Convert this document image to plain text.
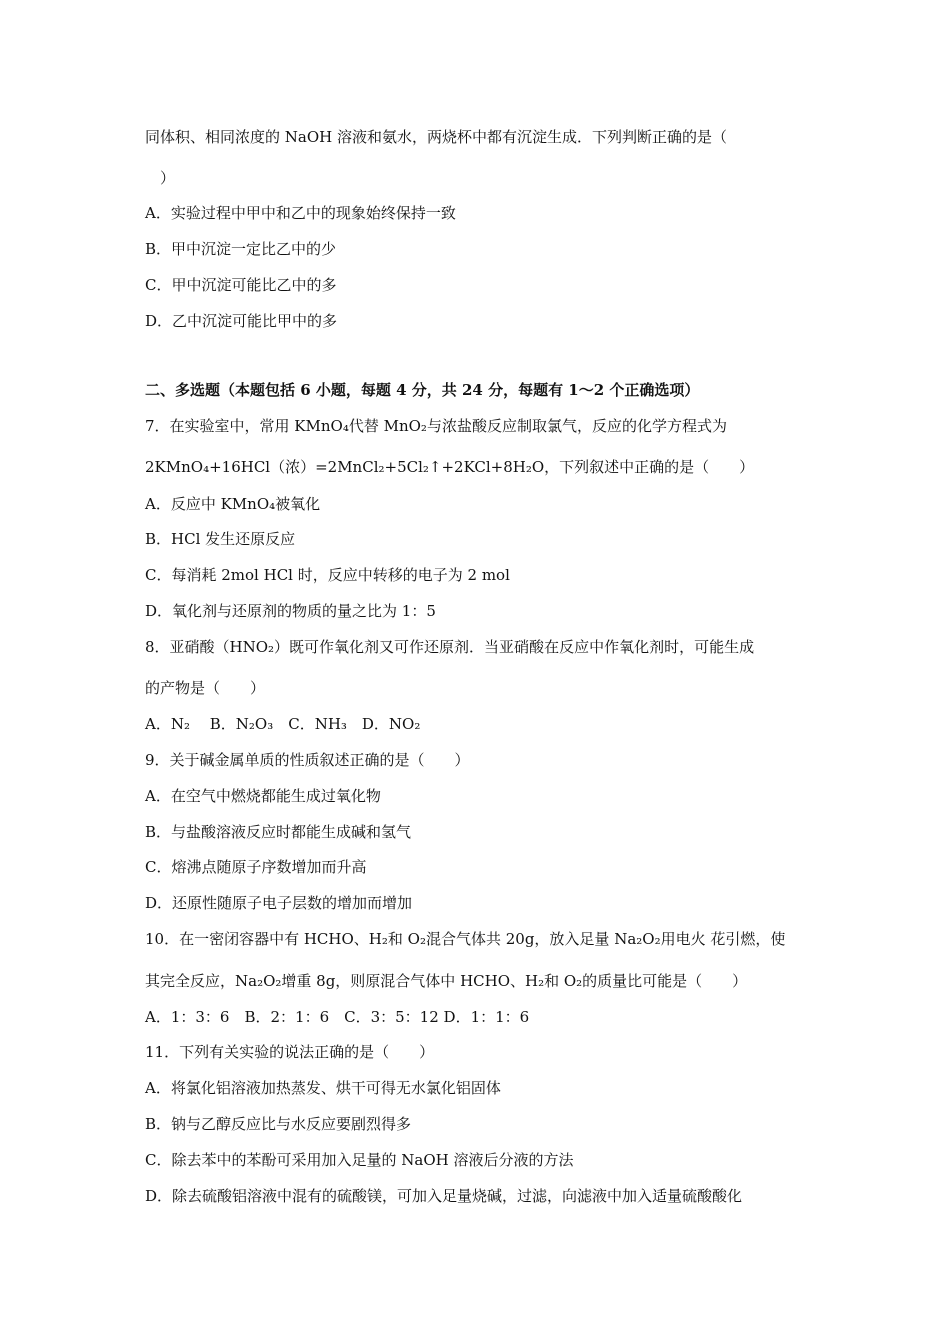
同体积、相同浓度的 NaOH 溶液和氨水，两烧杯中都有沉淀生成．下列判断正确的是（
）
A．实验过程中甲中和乙中的现象始终保持一致
B．甲中沉淀一定比乙中的少
C．甲中沉淀可能比乙中的多
D．乙中沉淀可能比甲中的多
二、多选题（本题包括 6 小题，每题 4 分，共 24 分，每题有 1～2 个正确选项）
7．在实验室中，常用 KMnO₄代替 MnO₂与浓盐酸反应制取氯气，反应的化学方程式为
2KMnO₄+16HCl（浓）=2MnCl₂+5Cl₂↑+2KCl+8H₂O，下列叙述中正确的是（　　）
A．反应中 KMnO₄被氧化
B．HCl 发生还原反应
C．每消耗 2mol HCl 时，反应中转移的电子为 2 mol
D．氧化剂与还原剂的物质的量之比为 1：5
8．亚硝酸（HNO₂）既可作氧化剂又可作还原剂．当亚硝酸在反应中作氧化剂时，可能生成
的产物是（　　）
A．N₂　 B．N₂O₃　C．NH₃　D．NO₂
9．关于碱金属单质的性质叙述正确的是（　　）
A．在空气中燃烧都能生成过氧化物
B．与盐酸溶液反应时都能生成碱和氢气
C．熔沸点随原子序数增加而升高
D．还原性随原子电子层数的增加而增加
10．在一密闭容器中有 HCHO、H₂和 O₂混合气体共 20g，放入足量 Na₂O₂用电火 花引燃，使
其完全反应，Na₂O₂增重 8g，则原混合气体中 HCHO、H₂和 O₂的质量比可能是（　　）
A．1：3：6　B．2：1：6　C．3：5：12 D．1：1：6
11．下列有关实验的说法正确的是（　　）
A．将氯化铝溶液加热蒸发、烘干可得无水氯化铝固体
B．钠与乙醇反应比与水反应要剧烈得多
C．除去苯中的苯酚可采用加入足量的 NaOH 溶液后分液的方法
D．除去硫酸铝溶液中混有的硫酸镁，可加入足量烧碱，过滤，向滤液中加入适量硫酸酸化
